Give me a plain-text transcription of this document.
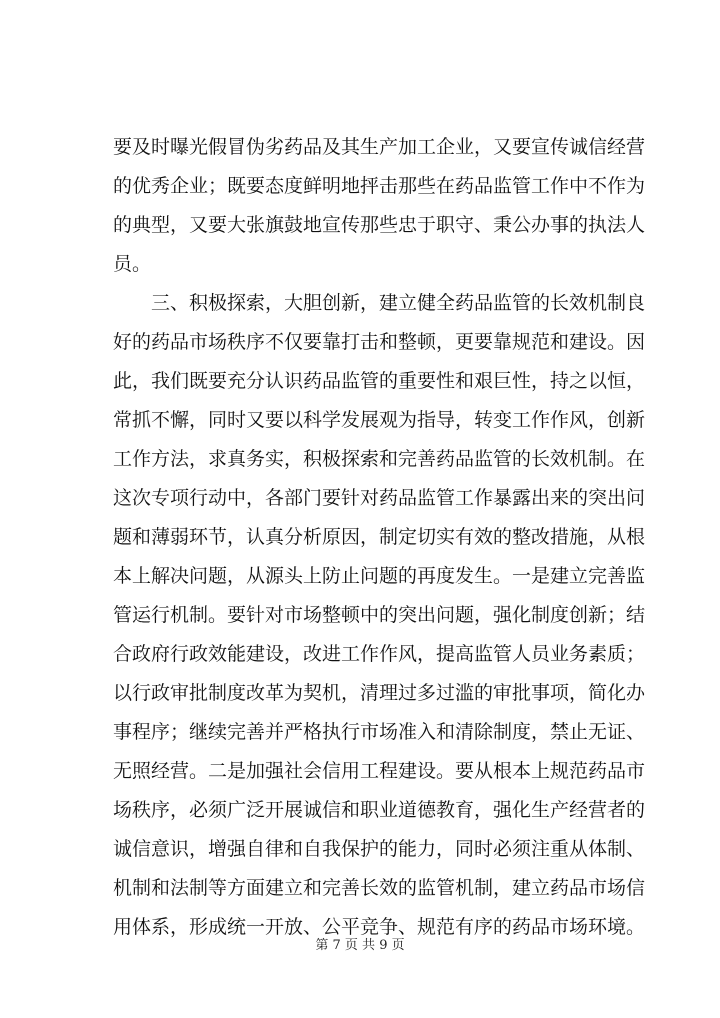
要及时曝光假冒伪劣药品及其生产加工企业，又要宣传诚信经营
的优秀企业；既要态度鲜明地抨击那些在药品监管工作中不作为
的典型，又要大张旗鼓地宣传那些忠于职守、秉公办事的执法人
员。
三、积极探索，大胆创新，建立健全药品监管的长效机制良
好的药品市场秩序不仅要靠打击和整顿，更要靠规范和建设。因
此，我们既要充分认识药品监管的重要性和艰巨性，持之以恒，
常抓不懈，同时又要以科学发展观为指导，转变工作作风，创新
工作方法，求真务实，积极探索和完善药品监管的长效机制。在
这次专项行动中，各部门要针对药品监管工作暴露出来的突出问
题和薄弱环节，认真分析原因，制定切实有效的整改措施，从根
本上解决问题，从源头上防止问题的再度发生。一是建立完善监
管运行机制。要针对市场整顿中的突出问题，强化制度创新；结
合政府行政效能建设，改进工作作风，提高监管人员业务素质；
以行政审批制度改革为契机，清理过多过滥的审批事项，简化办
事程序；继续完善并严格执行市场准入和清除制度，禁止无证、
无照经营。二是加强社会信用工程建设。要从根本上规范药品市
场秩序，必须广泛开展诚信和职业道德教育，强化生产经营者的
诚信意识，增强自律和自我保护的能力，同时必须注重从体制、
机制和法制等方面建立和完善长效的监管机制，建立药品市场信
用体系，形成统一开放、公平竞争、规范有序的药品市场环境。
第 7 页 共 9 页
